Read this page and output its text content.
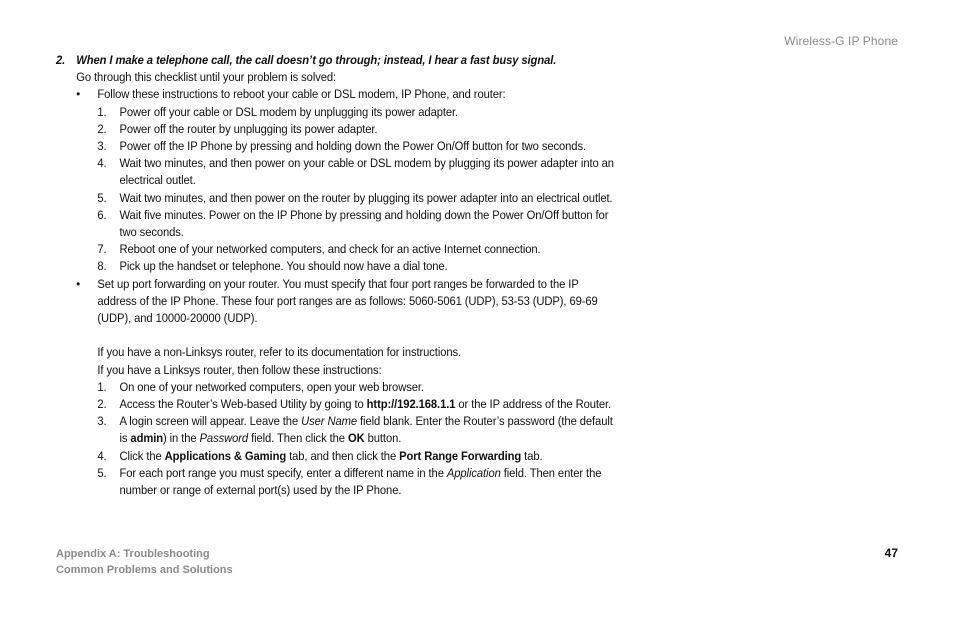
Wireless-G IP Phone
2. When I make a telephone call, the call doesn’t go through; instead, I hear a fast busy signal.
Go through this checklist until your problem is solved:
•	Follow these instructions to reboot your cable or DSL modem, IP Phone, and router:
1.	Power off your cable or DSL modem by unplugging its power adapter.
2.	Power off the router by unplugging its power adapter.
3.	Power off the IP Phone by pressing and holding down the Power On/Off button for two seconds.
4.	Wait two minutes, and then power on your cable or DSL modem by plugging its power adapter into an electrical outlet.
5.	Wait two minutes, and then power on the router by plugging its power adapter into an electrical outlet.
6.	Wait five minutes. Power on the IP Phone by pressing and holding down the Power On/Off button for two seconds.
7.	Reboot one of your networked computers, and check for an active Internet connection.
8.	Pick up the handset or telephone. You should now have a dial tone.
•	Set up port forwarding on your router. You must specify that four port ranges be forwarded to the IP address of the IP Phone. These four port ranges are as follows: 5060-5061 (UDP), 53-53 (UDP), 69-69 (UDP), and 10000-20000 (UDP).
If you have a non-Linksys router, refer to its documentation for instructions.
If you have a Linksys router, then follow these instructions:
1.	On one of your networked computers, open your web browser.
2.	Access the Router’s Web-based Utility by going to http://192.168.1.1 or the IP address of the Router.
3.	A login screen will appear. Leave the User Name field blank. Enter the Router’s password (the default is admin) in the Password field. Then click the OK button.
4.	Click the Applications & Gaming tab, and then click the Port Range Forwarding tab.
5.	For each port range you must specify, enter a different name in the Application field. Then enter the number or range of external port(s) used by the IP Phone.
Appendix A: Troubleshooting
Common Problems and Solutions
47
